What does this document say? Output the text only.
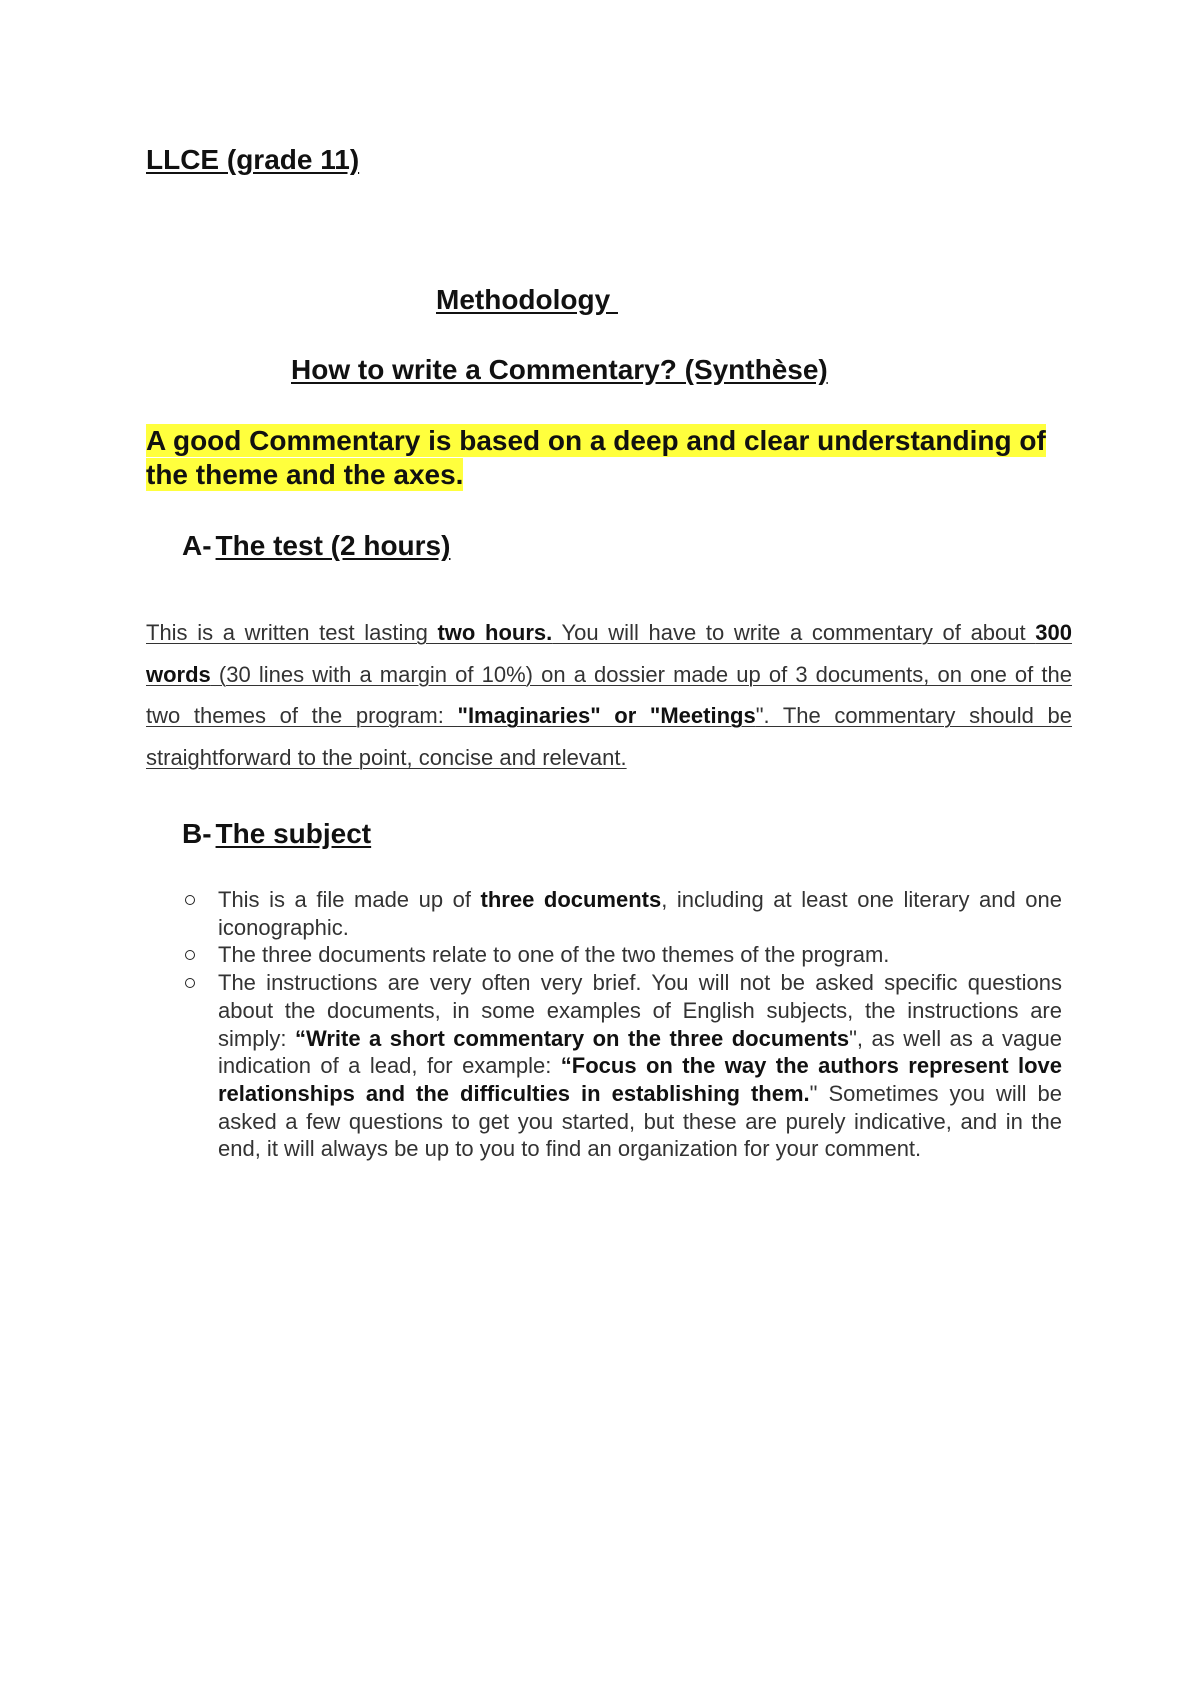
LLCE (grade 11)
Methodology
How to write a Commentary? (Synthèse)

A good Commentary is based on a deep and clear understanding of the theme and the axes.

A- The test (2 hours)

This is a written test lasting two hours. You will have to write a commentary of about 300 words (30 lines with a margin of 10%) on a dossier made up of 3 documents, on one of the two themes of the program: "Imaginaries" or "Meetings". The commentary should be straightforward to the point, concise and relevant.

B- The subject
This is a file made up of three documents, including at least one literary and one iconographic.
The three documents relate to one of the two themes of the program.
The instructions are very often very brief. You will not be asked specific questions about the documents, in some examples of English subjects, the instructions are simply: “Write a short commentary on the three documents", as well as a vague indication of a lead, for example: “Focus on the way the authors represent love relationships and the difficulties in establishing them." Sometimes you will be asked a few questions to get you started, but these are purely indicative, and in the end, it will always be up to you to find an organization for your comment.
